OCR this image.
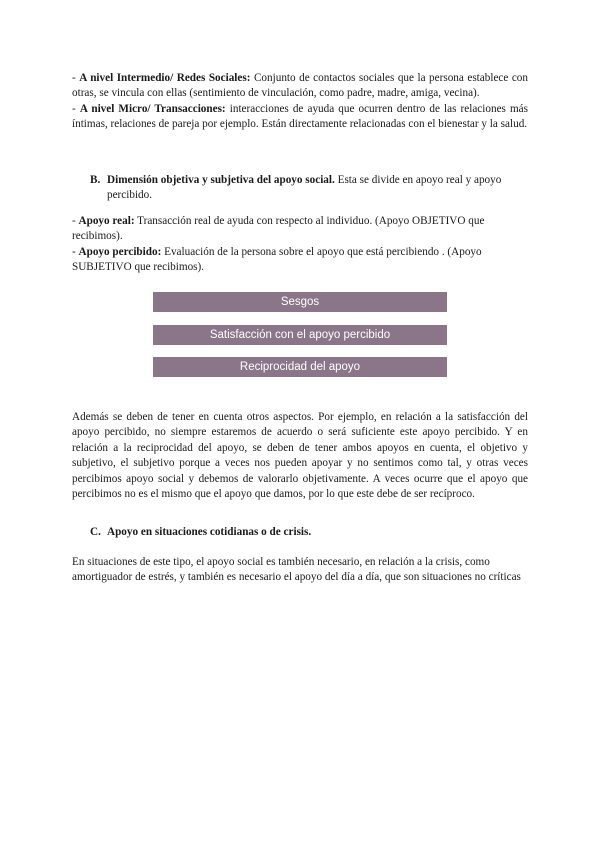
- A nivel Intermedio/ Redes Sociales: Conjunto de contactos sociales que la persona establece con otras, se vincula con ellas (sentimiento de vinculación, como padre, madre, amiga, vecina).

- A nivel Micro/ Transacciones: interacciones de ayuda que ocurren dentro de las relaciones más íntimas, relaciones de pareja por ejemplo. Están directamente relacionadas con el bienestar y la salud.

B. Dimensión objetiva y subjetiva del apoyo social. Esta se divide en apoyo real y apoyo percibido.

- Apoyo real: Transacción real de ayuda con respecto al individuo. (Apoyo OBJETIVO que recibimos).

- Apoyo percibido: Evaluación de la persona sobre el apoyo que está percibiendo . (Apoyo SUBJETIVO que recibimos).

Sesgos
Satisfacción con el apoyo percibido
Reciprocidad del apoyo

Además se deben de tener en cuenta otros aspectos. Por ejemplo, en relación a la satisfacción del apoyo percibido, no siempre estaremos de acuerdo o será suficiente este apoyo percibido. Y en relación a la reciprocidad del apoyo, se deben de tener ambos apoyos en cuenta, el objetivo y subjetivo, el subjetivo porque a veces nos pueden apoyar y no sentimos como tal, y otras veces percibimos apoyo social y debemos de valorarlo objetivamente. A veces ocurre que el apoyo que percibimos no es el mismo que el apoyo que damos, por lo que este debe de ser recíproco.

C. Apoyo en situaciones cotidianas o de crisis.

En situaciones de este tipo, el apoyo social es también necesario, en relación a la crisis, como amortiguador de estrés, y también es necesario el apoyo del día a día, que son situaciones no críticas
